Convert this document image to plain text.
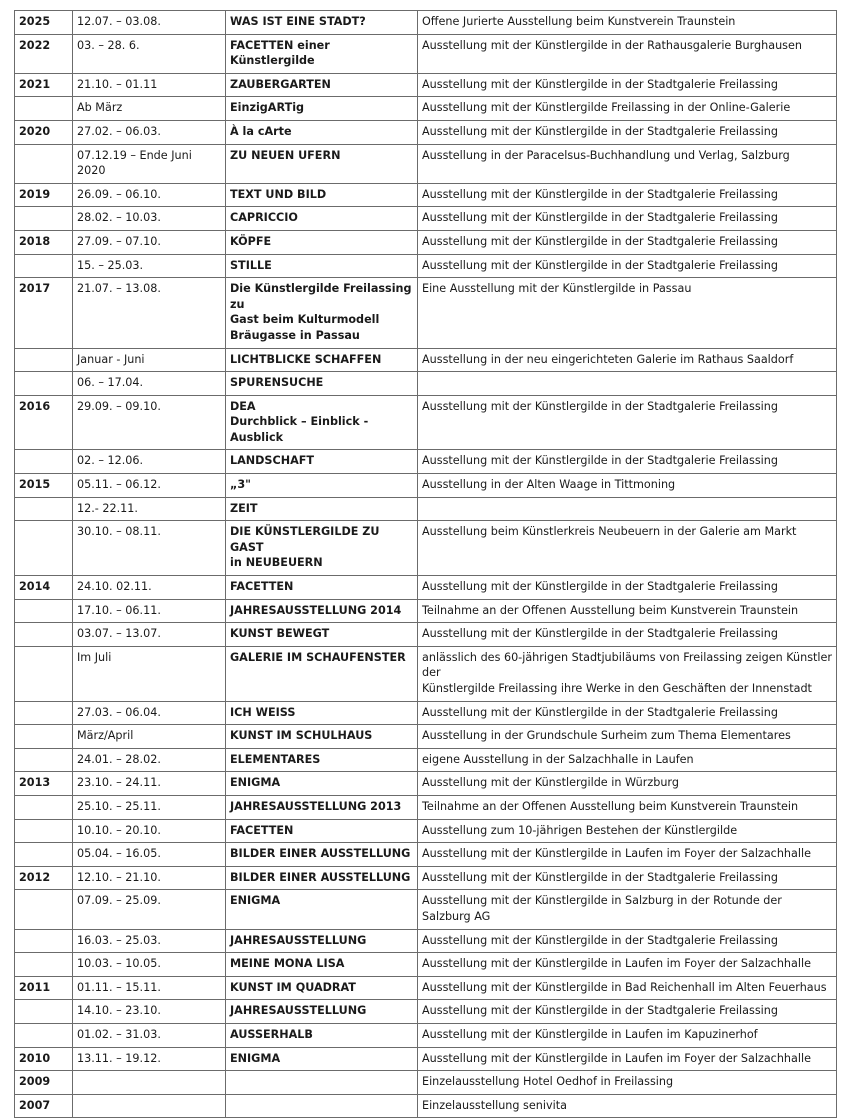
2025	12.07. – 03.08.	WAS IST EINE STADT?	Offene Jurierte Ausstellung beim Kunstverein Traunstein

2022	03. – 28. 6.	FACETTEN einer Künstlergilde	Ausstellung mit der Künstlergilde in der Rathausgalerie Burghausen

2021	21.10. – 01.11	ZAUBERGARTEN	Ausstellung mit der Künstlergilde in der Stadtgalerie Freilassing

	Ab März	EinzigARTig	Ausstellung mit der Künstlergilde Freilassing in der Online-Galerie

2020	27.02. – 06.03.	À la cArte	Ausstellung mit der Künstlergilde in der Stadtgalerie Freilassing

	07.12.19 – Ende Juni 2020	ZU NEUEN UFERN	Ausstellung in der Paracelsus-Buchhandlung und Verlag, Salzburg

2019	26.09. – 06.10.	TEXT UND BILD	Ausstellung mit der Künstlergilde in der Stadtgalerie Freilassing

	28.02. – 10.03.	CAPRICCIO	Ausstellung mit der Künstlergilde in der Stadtgalerie Freilassing

2018	27.09. – 07.10.	KÖPFE	Ausstellung mit der Künstlergilde in der Stadtgalerie Freilassing

	15. – 25.03.	STILLE	Ausstellung mit der Künstlergilde in der Stadtgalerie Freilassing

2017	21.07. – 13.08.	Die Künstlergilde Freilassing zu
Gast beim Kulturmodell
Bräugasse in Passau	Eine Ausstellung mit der Künstlergilde in Passau

	Januar - Juni	LICHTBLICKE SCHAFFEN	Ausstellung in der neu eingerichteten Galerie im Rathaus Saaldorf

	06. – 17.04.	SPURENSUCHE	

2016	29.09. – 09.10.	DEA
Durchblick – Einblick - Ausblick	Ausstellung mit der Künstlergilde in der Stadtgalerie Freilassing

	02. – 12.06.	LANDSCHAFT	Ausstellung mit der Künstlergilde in der Stadtgalerie Freilassing

2015	05.11. – 06.12.	„3"	Ausstellung in der Alten Waage in Tittmoning

	12.- 22.11.	ZEIT	

	30.10. – 08.11.	DIE KÜNSTLERGILDE ZU GAST
in NEUBEUERN	Ausstellung beim Künstlerkreis Neubeuern in der Galerie am Markt

2014	24.10. 02.11.	FACETTEN	Ausstellung mit der Künstlergilde in der Stadtgalerie Freilassing

	17.10. – 06.11.	JAHRESAUSSTELLUNG 2014	Teilnahme an der Offenen Ausstellung beim Kunstverein Traunstein

	03.07. – 13.07.	KUNST BEWEGT	Ausstellung mit der Künstlergilde in der Stadtgalerie Freilassing

	Im Juli	GALERIE IM SCHAUFENSTER	anlässlich des 60-jährigen Stadtjubiläums von Freilassing zeigen Künstler der
Künstlergilde Freilassing ihre Werke in den Geschäften der Innenstadt

	27.03. – 06.04.	ICH WEISS	Ausstellung mit der Künstlergilde in der Stadtgalerie Freilassing

	März/April	KUNST IM SCHULHAUS	Ausstellung in der Grundschule Surheim zum Thema Elementares

	24.01. – 28.02.	ELEMENTARES	eigene Ausstellung in der Salzachhalle in Laufen

2013	23.10. – 24.11.	ENIGMA	Ausstellung mit der Künstlergilde in Würzburg

	25.10. – 25.11.	JAHRESAUSSTELLUNG 2013	Teilnahme an der Offenen Ausstellung beim Kunstverein Traunstein

	10.10. – 20.10.	FACETTEN	Ausstellung zum 10-jährigen Bestehen der Künstlergilde

	05.04. – 16.05.	BILDER EINER AUSSTELLUNG	Ausstellung mit der Künstlergilde in Laufen im Foyer der Salzachhalle

2012	12.10. – 21.10.	BILDER EINER AUSSTELLUNG	Ausstellung mit der Künstlergilde in der Stadtgalerie Freilassing

	07.09. – 25.09.	ENIGMA	Ausstellung mit der Künstlergilde in Salzburg in der Rotunde der Salzburg AG

	16.03. – 25.03.	JAHRESAUSSTELLUNG	Ausstellung mit der Künstlergilde in der Stadtgalerie Freilassing

	10.03. – 10.05.	MEINE MONA LISA	Ausstellung mit der Künstlergilde in Laufen im Foyer der Salzachhalle

2011	01.11. – 15.11.	KUNST IM QUADRAT	Ausstellung mit der Künstlergilde in Bad Reichenhall im Alten Feuerhaus

	14.10. – 23.10.	JAHRESAUSSTELLUNG	Ausstellung mit der Künstlergilde in der Stadtgalerie Freilassing

	01.02. – 31.03.	AUSSERHALB	Ausstellung mit der Künstlergilde in Laufen im Kapuzinerhof

2010	13.11. – 19.12.	ENIGMA	Ausstellung mit der Künstlergilde in Laufen im Foyer der Salzachhalle

2009			Einzelausstellung Hotel Oedhof in Freilassing

2007			Einzelausstellung senivita
